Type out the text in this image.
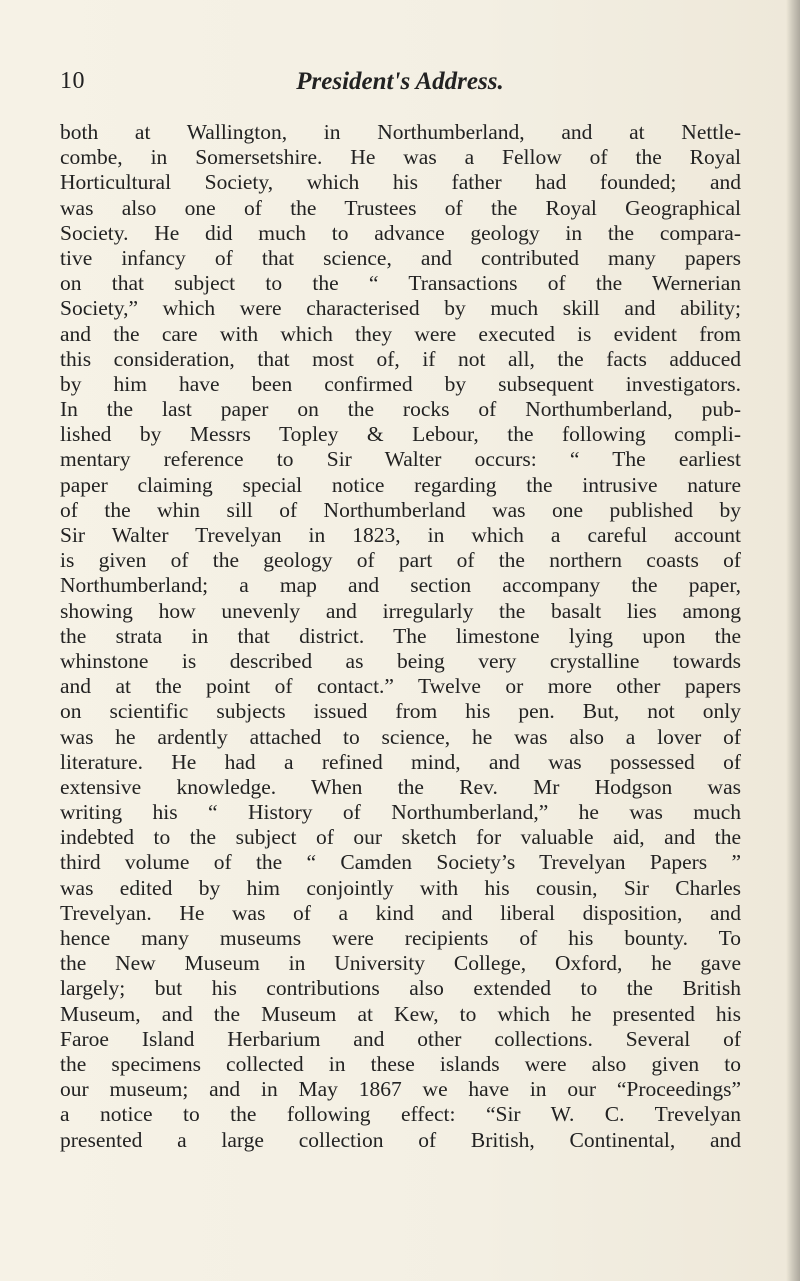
10	President's Address.
both at Wallington, in Northumberland, and at Nettle-
combe, in Somersetshire. He was a Fellow of the Royal
Horticultural Society, which his father had founded; and
was also one of the Trustees of the Royal Geographical
Society. He did much to advance geology in the compara-
tive infancy of that science, and contributed many papers
on that subject to the “ Transactions of the Wernerian
Society,” which were characterised by much skill and ability;
and the care with which they were executed is evident from
this consideration, that most of, if not all, the facts adduced
by him have been confirmed by subsequent investigators.
In the last paper on the rocks of Northumberland, pub-
lished by Messrs Topley & Lebour, the following compli-
mentary reference to Sir Walter occurs: “ The earliest
paper claiming special notice regarding the intrusive nature
of the whin sill of Northumberland was one published by
Sir Walter Trevelyan in 1823, in which a careful account
is given of the geology of part of the northern coasts of
Northumberland; a map and section accompany the paper,
showing how unevenly and irregularly the basalt lies among
the strata in that district. The limestone lying upon the
whinstone is described as being very crystalline towards
and at the point of contact.” Twelve or more other papers
on scientific subjects issued from his pen. But, not only
was he ardently attached to science, he was also a lover of
literature. He had a refined mind, and was possessed of
extensive knowledge. When the Rev. Mr Hodgson was
writing his “ History of Northumberland,” he was much
indebted to the subject of our sketch for valuable aid, and the
third volume of the “ Camden Society’s Trevelyan Papers ”
was edited by him conjointly with his cousin, Sir Charles
Trevelyan. He was of a kind and liberal disposition, and
hence many museums were recipients of his bounty. To
the New Museum in University College, Oxford, he gave
largely; but his contributions also extended to the British
Museum, and the Museum at Kew, to which he presented his
Faroe Island Herbarium and other collections. Several of
the specimens collected in these islands were also given to
our museum; and in May 1867 we have in our “Proceedings”
a notice to the following effect: “Sir W. C. Trevelyan
presented a large collection of British, Continental, and
